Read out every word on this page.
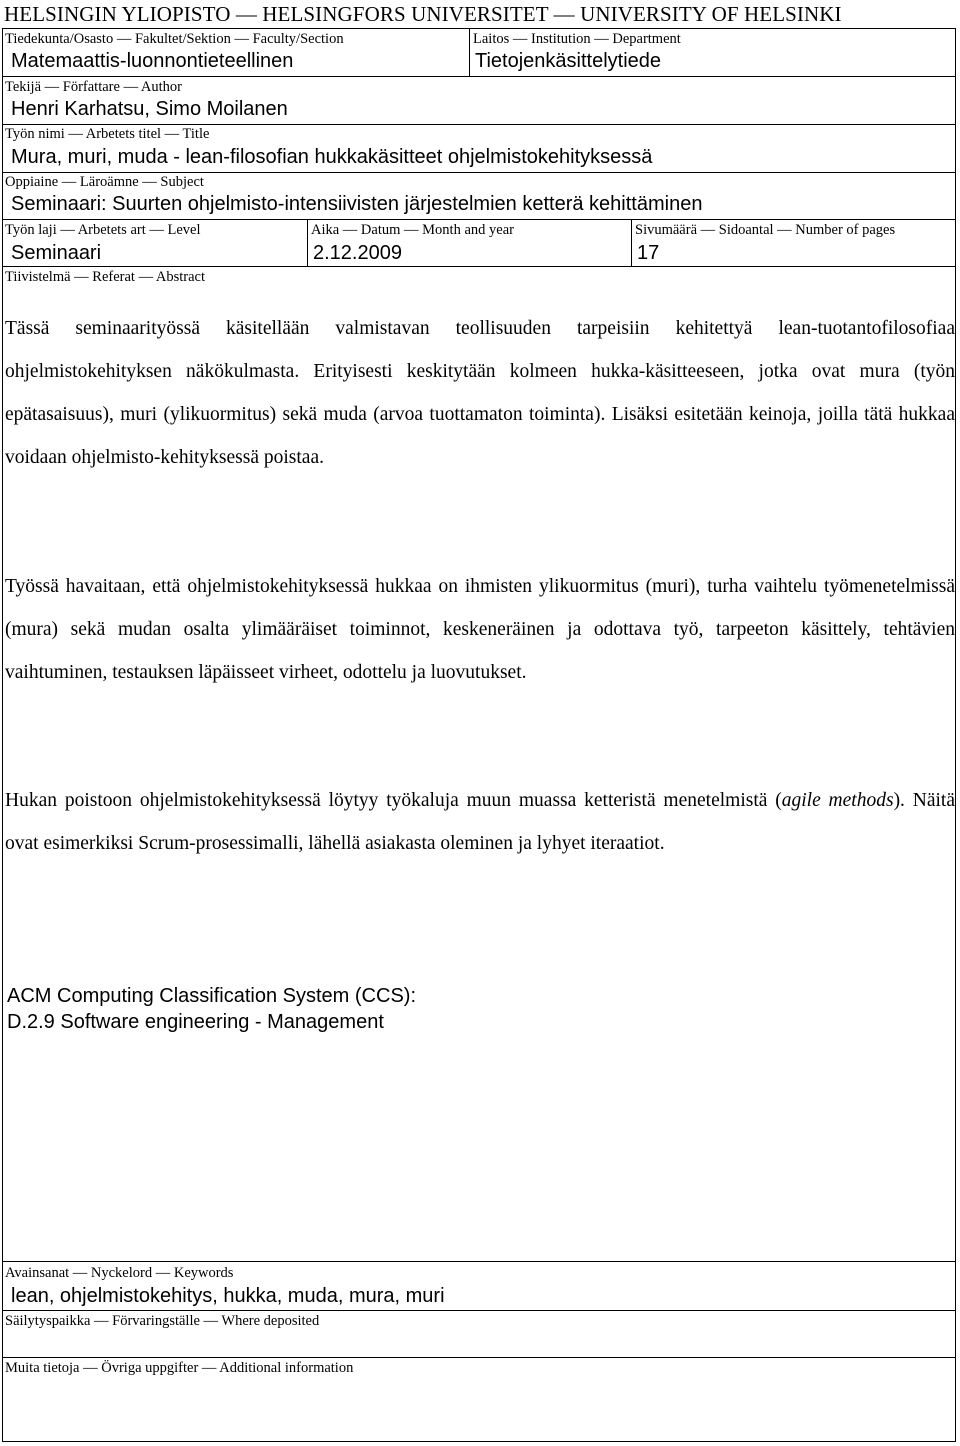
HELSINGIN YLIOPISTO — HELSINGFORS UNIVERSITET — UNIVERSITY OF HELSINKI
Tiedekunta/Osasto — Fakultet/Sektion — Faculty/Section
Matemaattis-luonnontieteellinen
Laitos — Institution — Department
Tietojenkäsittelytiede
Tekijä — Författare — Author
Henri Karhatsu, Simo Moilanen
Työn nimi — Arbetets titel — Title
Mura, muri, muda - lean-filosofian hukkakäsitteet ohjelmistokehityksessä
Oppiaine — Läroämne — Subject
Seminaari: Suurten ohjelmisto-intensiivisten järjestelmien ketterä kehittäminen
Työn laji — Arbetets art — Level
Seminaari
Aika — Datum — Month and year
2.12.2009
Sivumäärä — Sidoantal — Number of pages
17
Tiivistelmä — Referat — Abstract
Tässä seminaarityössä käsitellään valmistavan teollisuuden tarpeisiin kehitettyä lean-tuotantofilosofiaa ohjelmistokehityksen näkökulmasta. Erityisesti keskitytään kolmeen hukka-käsitteeseen, jotka ovat mura (työn epätasaisuus), muri (ylikuormitus) sekä muda (arvoa tuottamaton toiminta). Lisäksi esitetään keinoja, joilla tätä hukkaa voidaan ohjelmisto-kehityksessä poistaa.
Työssä havaitaan, että ohjelmistokehityksessä hukkaa on ihmisten ylikuormitus (muri), turha vaihtelu työmenetelmissä (mura) sekä mudan osalta ylimääräiset toiminnot, keskeneräinen ja odottava työ, tarpeeton käsittely, tehtävien vaihtuminen, testauksen läpäisseet virheet, odottelu ja luovutukset.
Hukan poistoon ohjelmistokehityksessä löytyy työkaluja muun muassa ketteristä menetelmistä (agile methods). Näitä ovat esimerkiksi Scrum-prosessimalli, lähellä asiakasta oleminen ja lyhyet iteraatiot.
ACM Computing Classification System (CCS):
D.2.9 Software engineering - Management
Avainsanat — Nyckelord — Keywords
lean, ohjelmistokehitys, hukka, muda, mura, muri
Säilytyspaikka — Förvaringställe — Where deposited
Muita tietoja — Övriga uppgifter — Additional information
